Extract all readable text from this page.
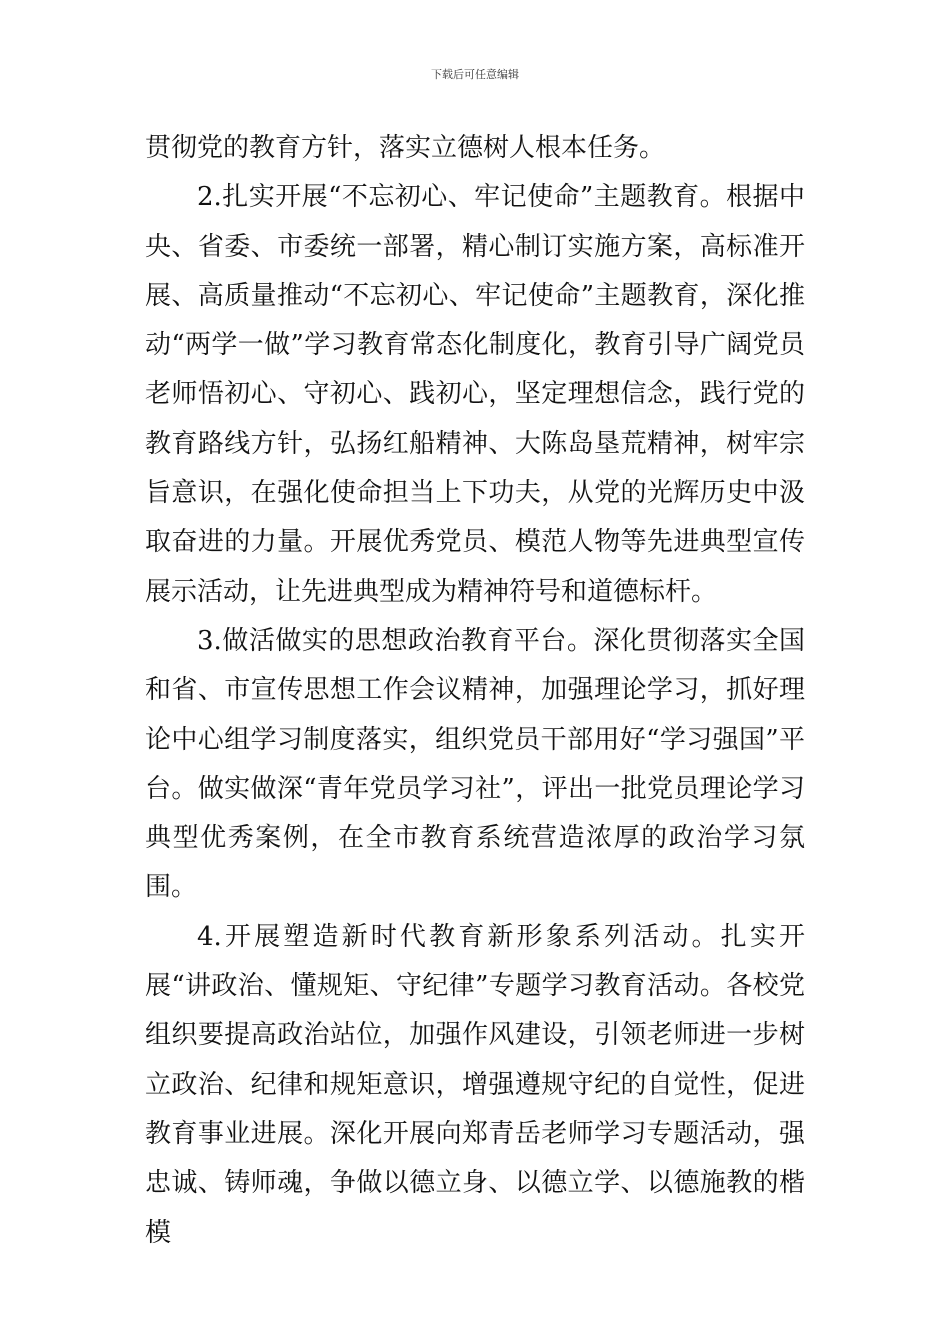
下载后可任意编辑

贯彻党的教育方针，落实立德树人根本任务。

2.扎实开展“不忘初心、牢记使命”主题教育。根据中央、省委、市委统一部署，精心制订实施方案，高标准开展、高质量推动“不忘初心、牢记使命”主题教育，深化推动“两学一做”学习教育常态化制度化，教育引导广阔党员老师悟初心、守初心、践初心，坚定理想信念，践行党的教育路线方针，弘扬红船精神、大陈岛垦荒精神，树牢宗旨意识，在强化使命担当上下功夫，从党的光辉历史中汲取奋进的力量。开展优秀党员、模范人物等先进典型宣传展示活动，让先进典型成为精神符号和道德标杆。

3.做活做实的思想政治教育平台。深化贯彻落实全国和省、市宣传思想工作会议精神，加强理论学习，抓好理论中心组学习制度落实，组织党员干部用好“学习强国”平台。做实做深“青年党员学习社”，评出一批党员理论学习典型优秀案例，在全市教育系统营造浓厚的政治学习氛围。

4.开展塑造新时代教育新形象系列活动。扎实开展“讲政治、懂规矩、守纪律”专题学习教育活动。各校党组织要提高政治站位，加强作风建设，引领老师进一步树立政治、纪律和规矩意识，增强遵规守纪的自觉性，促进教育事业进展。深化开展向郑青岳老师学习专题活动，强忠诚、铸师魂，争做以德立身、以德立学、以德施教的楷模
